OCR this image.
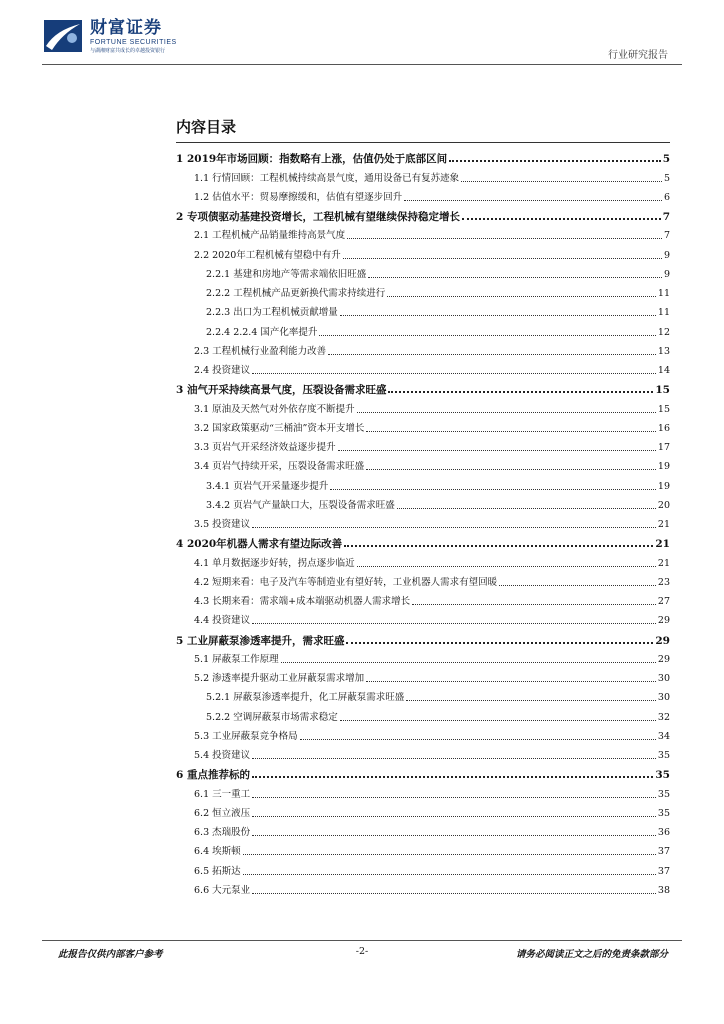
财富证券
FORTUNE SECURITIES
与湖湘财富共成长的卓越投资银行	行业研究报告
内容目录
1 2019年市场回顾：指数略有上涨，估值仍处于底部区间	5
1.1 行情回顾：工程机械持续高景气度，通用设备已有复苏迹象	5
1.2 估值水平：贸易摩擦缓和，估值有望逐步回升	6
2 专项债驱动基建投资增长，工程机械有望继续保持稳定增长	7
2.1 工程机械产品销量维持高景气度	7
2.2 2020年工程机械有望稳中有升	9
2.2.1 基建和房地产等需求端依旧旺盛	9
2.2.2 工程机械产品更新换代需求持续进行	11
2.2.3 出口为工程机械贡献增量	11
2.2.4 2.2.4 国产化率提升	12
2.3 工程机械行业盈利能力改善	13
2.4 投资建议	14
3 油气开采持续高景气度，压裂设备需求旺盛	15
3.1 原油及天然气对外依存度不断提升	15
3.2 国家政策驱动“三桶油”资本开支增长	16
3.3 页岩气开采经济效益逐步提升	17
3.4 页岩气持续开采，压裂设备需求旺盛	19
3.4.1 页岩气开采量逐步提升	19
3.4.2 页岩气产量缺口大，压裂设备需求旺盛	20
3.5 投资建议	21
4 2020年机器人需求有望边际改善	21
4.1 单月数据逐步好转，拐点逐步临近	21
4.2 短期来看：电子及汽车等制造业有望好转，工业机器人需求有望回暖	23
4.3 长期来看：需求端+成本端驱动机器人需求增长	27
4.4 投资建议	29
5 工业屏蔽泵渗透率提升，需求旺盛	29
5.1 屏蔽泵工作原理	29
5.2 渗透率提升驱动工业屏蔽泵需求增加	30
5.2.1 屏蔽泵渗透率提升，化工屏蔽泵需求旺盛	30
5.2.2 空调屏蔽泵市场需求稳定	32
5.3 工业屏蔽泵竞争格局	34
5.4 投资建议	35
6 重点推荐标的	35
6.1 三一重工	35
6.2 恒立液压	35
6.3 杰瑞股份	36
6.4 埃斯顿	37
6.5 拓斯达	37
6.6 大元泵业	38
此报告仅供内部客户参考	-2-	请务必阅读正文之后的免责条款部分
